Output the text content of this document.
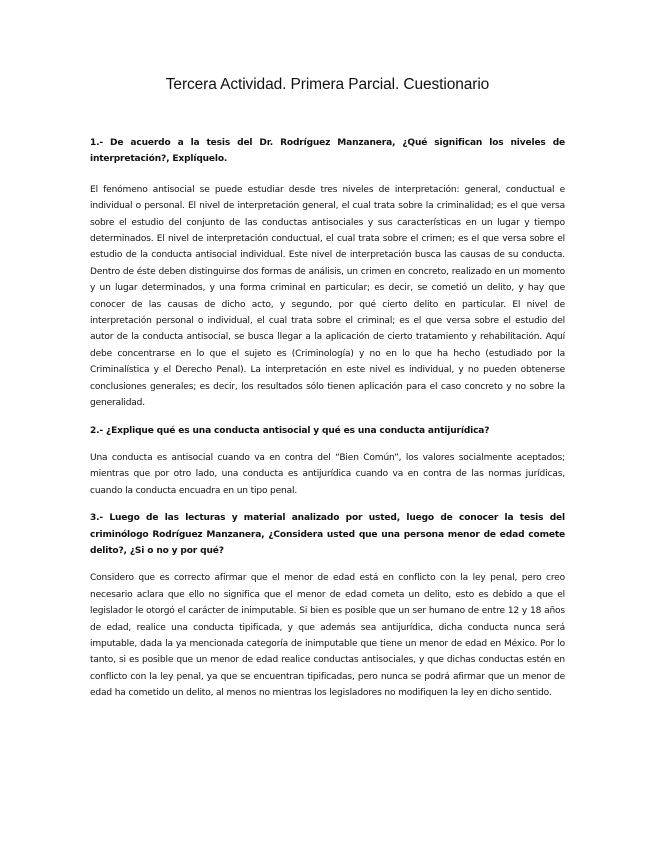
Tercera Actividad. Primera Parcial. Cuestionario

1.- De acuerdo a la tesis del Dr. Rodríguez Manzanera, ¿Qué significan los niveles de interpretación?, Explíquelo.

El fenómeno antisocial se puede estudiar desde tres niveles de interpretación: general, conductual e individual o personal. El nivel de interpretación general, el cual trata sobre la criminalidad; es el que versa sobre el estudio del conjunto de las conductas antisociales y sus características en un lugar y tiempo determinados. El nivel de interpretación conductual, el cual trata sobre el crimen; es el que versa sobre el estudio de la conducta antisocial individual. Este nivel de interpretación busca las causas de su conducta. Dentro de éste deben distinguirse dos formas de análisis, un crimen en concreto, realizado en un momento y un lugar determinados, y una forma criminal en particular; es decir, se cometió un delito, y hay que conocer de las causas de dicho acto, y segundo, por qué cierto delito en particular. El nivel de interpretación personal o individual, el cual trata sobre el criminal; es el que versa sobre el estudio del autor de la conducta antisocial, se busca llegar a la aplicación de cierto tratamiento y rehabilitación. Aquí debe concentrarse en lo que el sujeto es (Criminología) y no en lo que ha hecho (estudiado por la Criminalística y el Derecho Penal). La interpretación en este nivel es individual, y no pueden obtenerse conclusiones generales; es decir, los resultados sólo tienen aplicación para el caso concreto y no sobre la generalidad.

2.- ¿Explique qué es una conducta antisocial y qué es una conducta antijurídica?

Una conducta es antisocial cuando va en contra del “Bien Común”, los valores socialmente aceptados; mientras que por otro lado, una conducta es antijurídica cuando va en contra de las normas jurídicas, cuando la conducta encuadra en un tipo penal.

3.- Luego de las lecturas y material analizado por usted, luego de conocer la tesis del criminólogo Rodríguez Manzanera, ¿Considera usted que una persona menor de edad comete delito?, ¿Si o no y por qué?

Considero que es correcto afirmar que el menor de edad está en conflicto con la ley penal, pero creo necesario aclara que ello no significa que el menor de edad cometa un delito, esto es debido a que el legislador le otorgó el carácter de inimputable. Si bien es posible que un ser humano de entre 12 y 18 años de edad, realice una conducta tipificada, y que además sea antijurídica, dicha conducta nunca será imputable, dada la ya mencionada categoría de inimputable que tiene un menor de edad en México. Por lo tanto, si es posible que un menor de edad realice conductas antisociales, y que dichas conductas estén en conflicto con la ley penal, ya que se encuentran tipificadas, pero nunca se podrá afirmar que un menor de edad ha cometido un delito, al menos no mientras los legisladores no modifiquen la ley en dicho sentido.
